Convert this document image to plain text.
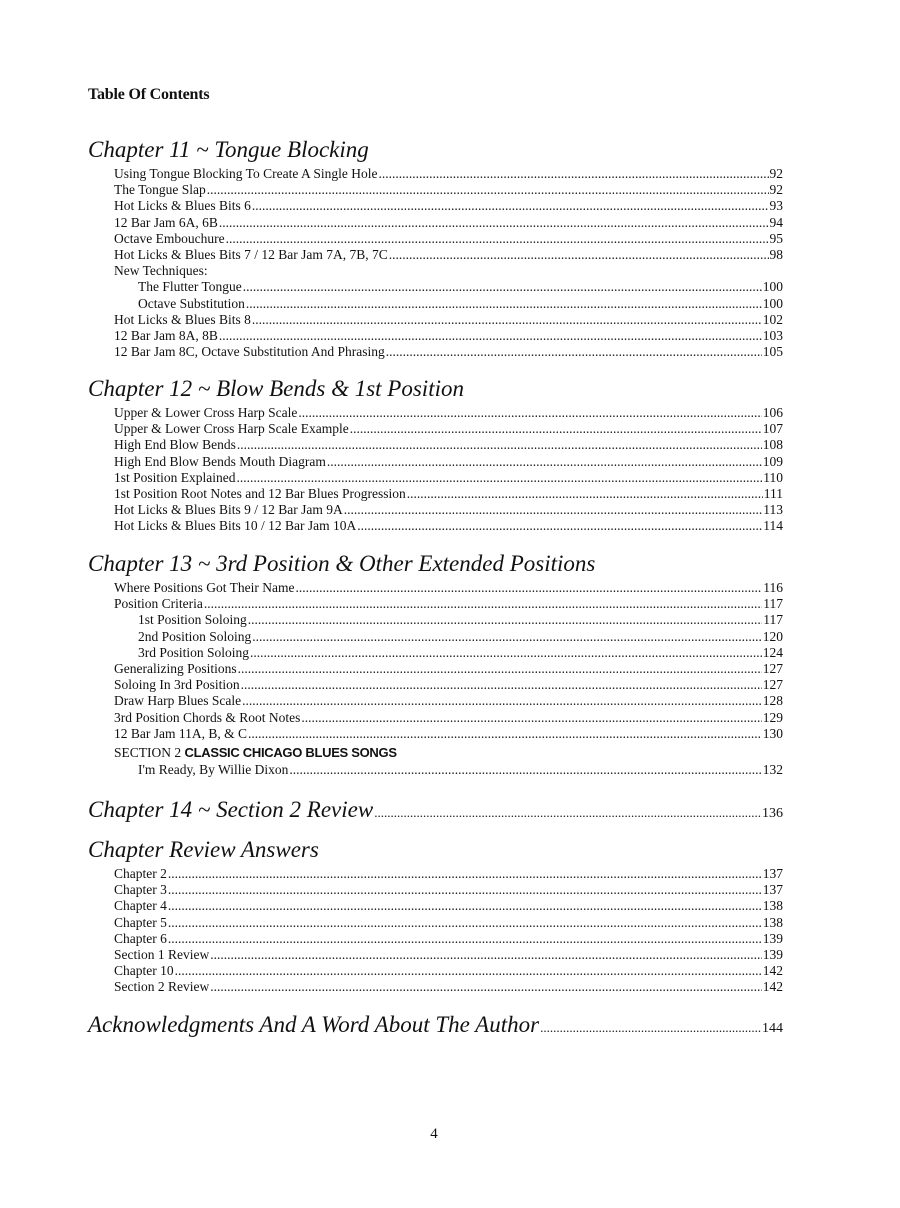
Table Of Contents
Chapter 11 ~ Tongue Blocking
Using Tongue Blocking To Create A Single Hole .....	92
The Tongue Slap .....	92
Hot Licks & Blues Bits 6 .....	93
12 Bar Jam 6A, 6B .....	94
Octave Embouchure .....	95
Hot Licks & Blues Bits 7 / 12 Bar Jam 7A, 7B, 7C .....	98
New Techniques:
The Flutter Tongue .....	100
Octave Substitution .....	100
Hot Licks & Blues Bits 8 .....	102
12 Bar Jam 8A, 8B .....	103
12 Bar Jam 8C, Octave Substitution And Phrasing .....	105
Chapter 12 ~ Blow Bends & 1st Position
Upper & Lower Cross Harp Scale .....	106
Upper & Lower Cross Harp Scale Example .....	107
High End Blow Bends .....	108
High End Blow Bends Mouth Diagram .....	109
1st Position Explained .....	110
1st Position Root Notes and 12 Bar Blues Progression .....	111
Hot Licks & Blues Bits 9 / 12 Bar Jam 9A .....	113
Hot Licks & Blues Bits 10 / 12 Bar Jam 10A .....	114
Chapter 13 ~ 3rd Position & Other Extended Positions
Where Positions Got Their Name .....	116
Position Criteria .....	117
1st Position Soloing .....	117
2nd Position Soloing .....	120
3rd Position Soloing .....	124
Generalizing Positions .....	127
Soloing In 3rd Position .....	127
Draw Harp Blues Scale .....	128
3rd Position Chords & Root Notes .....	129
12 Bar Jam 11A, B, & C .....	130
SECTION 2 CLASSIC CHICAGO BLUES SONGS
I'm Ready, By Willie Dixon .....	132
Chapter 14 ~ Section 2 Review .....	136
Chapter Review Answers
Chapter 2 .....	137
Chapter 3 .....	137
Chapter 4 .....	138
Chapter 5 .....	138
Chapter 6 .....	139
Section 1 Review .....	139
Chapter 10 .....	142
Section 2 Review .....	142
Acknowledgments And A Word About The Author .....	144
4
